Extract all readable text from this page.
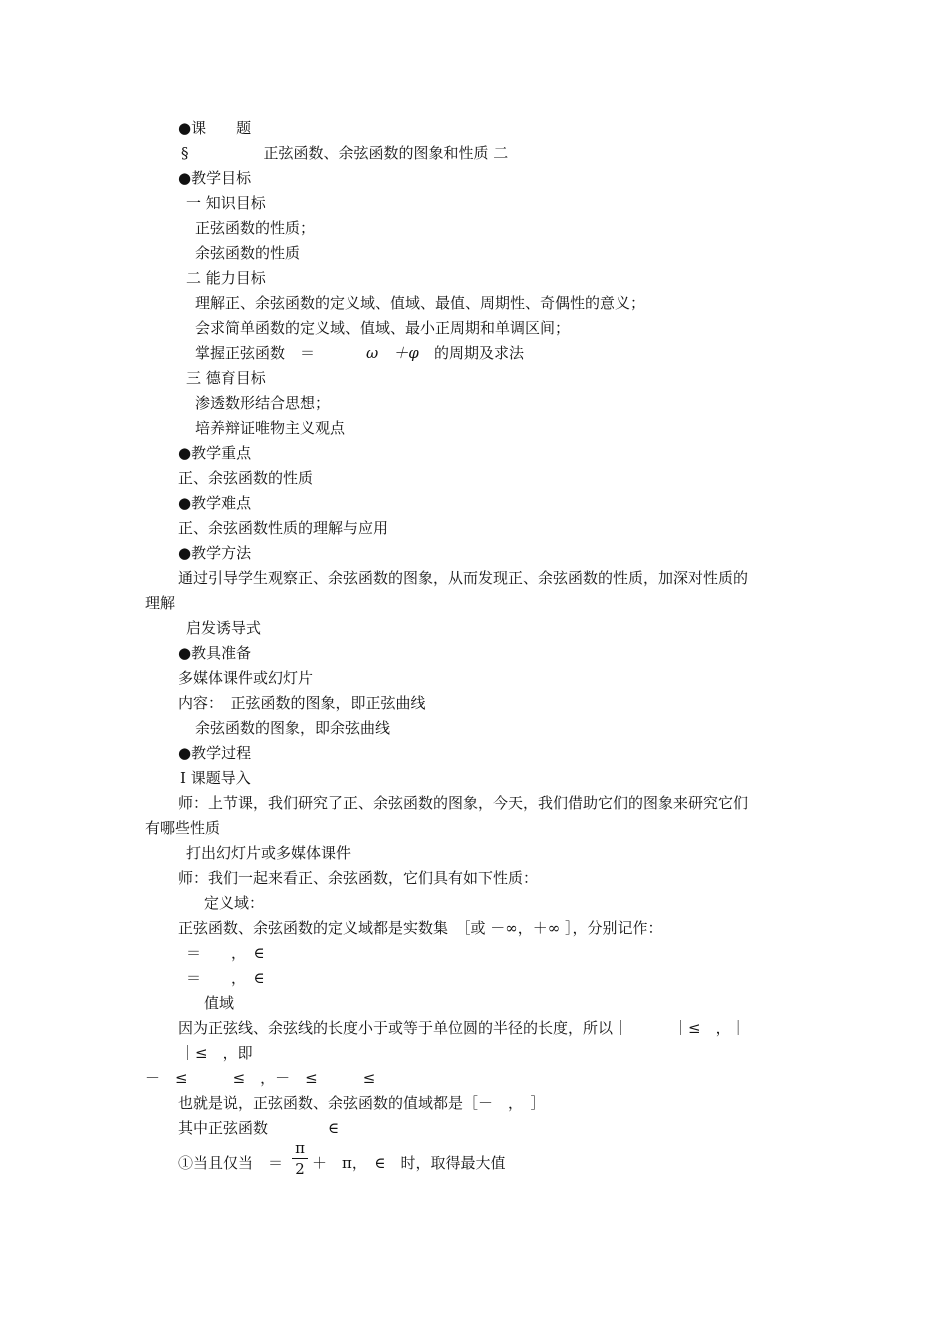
●课　　题
§　　　　　正弦函数、余弦函数的图象和性质 二
●教学目标
一 知识目标
正弦函数的性质；
余弦函数的性质
二 能力目标
理解正、余弦函数的定义域、值域、最值、周期性、奇偶性的意义；
会求简单函数的定义域、值域、最小正周期和单调区间；
掌握正弦函数　＝　　 ω　＋φ 的周期及求法
三 德育目标
渗透数形结合思想；
培养辩证唯物主义观点
●教学重点
正、余弦函数的性质
●教学难点
正、余弦函数性质的理解与应用
●教学方法
通过引导学生观察正、余弦函数的图象，从而发现正、余弦函数的性质，加深对性质的
理解
启发诱导式
●教具准备
多媒体课件或幻灯片
内容：　正弦函数的图象，即正弦曲线
余弦函数的图象，即余弦曲线
●教学过程
Ⅰ 课题导入
师：上节课，我们研究了正、余弦函数的图象，今天，我们借助它们的图象来研究它们
有哪些性质
打出幻灯片或多媒体课件
师：我们一起来看正、余弦函数，它们具有如下性质：
定义域：
正弦函数、余弦函数的定义域都是实数集　［或 －∞，＋∞ ］，分别记作：
＝　　，　∈
＝　　，　∈
值域
因为正弦线、余弦线的长度小于或等于单位圆的半径的长度，所以｜　　　｜≤　，｜
｜≤　，即
－　≤　　　≤　，－　≤　　　≤
也就是说，正弦函数、余弦函数的值域都是［－　，　］
其中正弦函数　　　　∈
①当且仅当　＝
π
2 ＋　π，　∈　时，取得最大值
